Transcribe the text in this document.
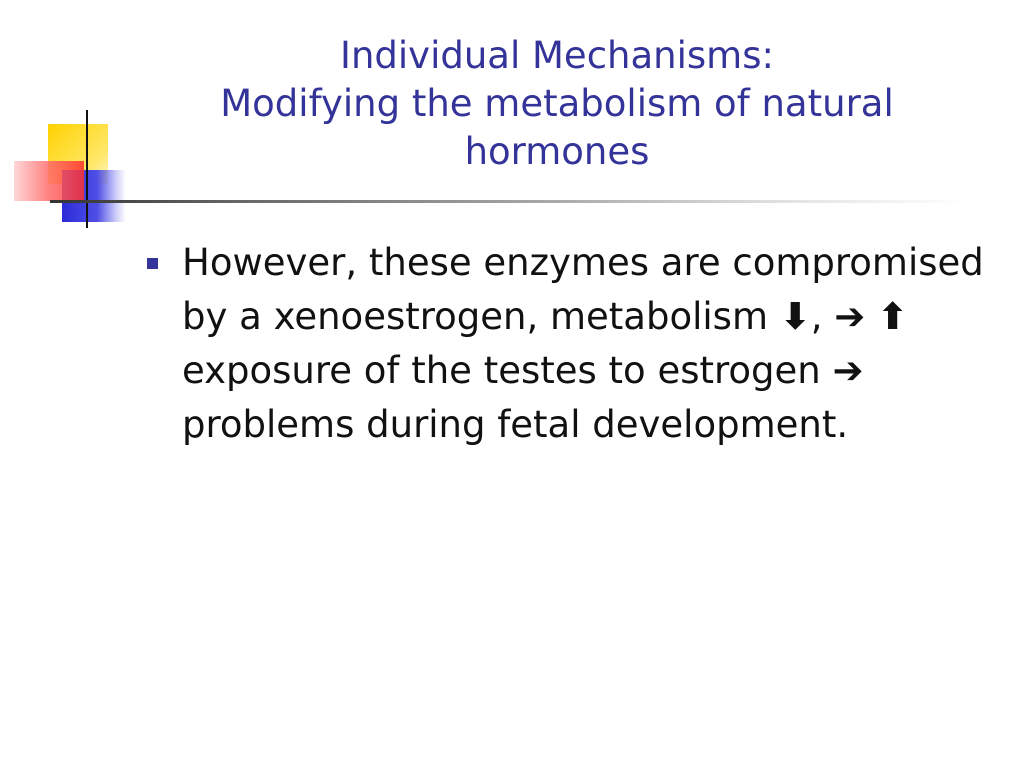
Individual Mechanisms:
Modifying the metabolism of natural
hormones
However, these enzymes are compromised by a xenoestrogen, metabolism ⬇, ➔ ⬆ exposure of the testes to estrogen ➔ problems during fetal development.
